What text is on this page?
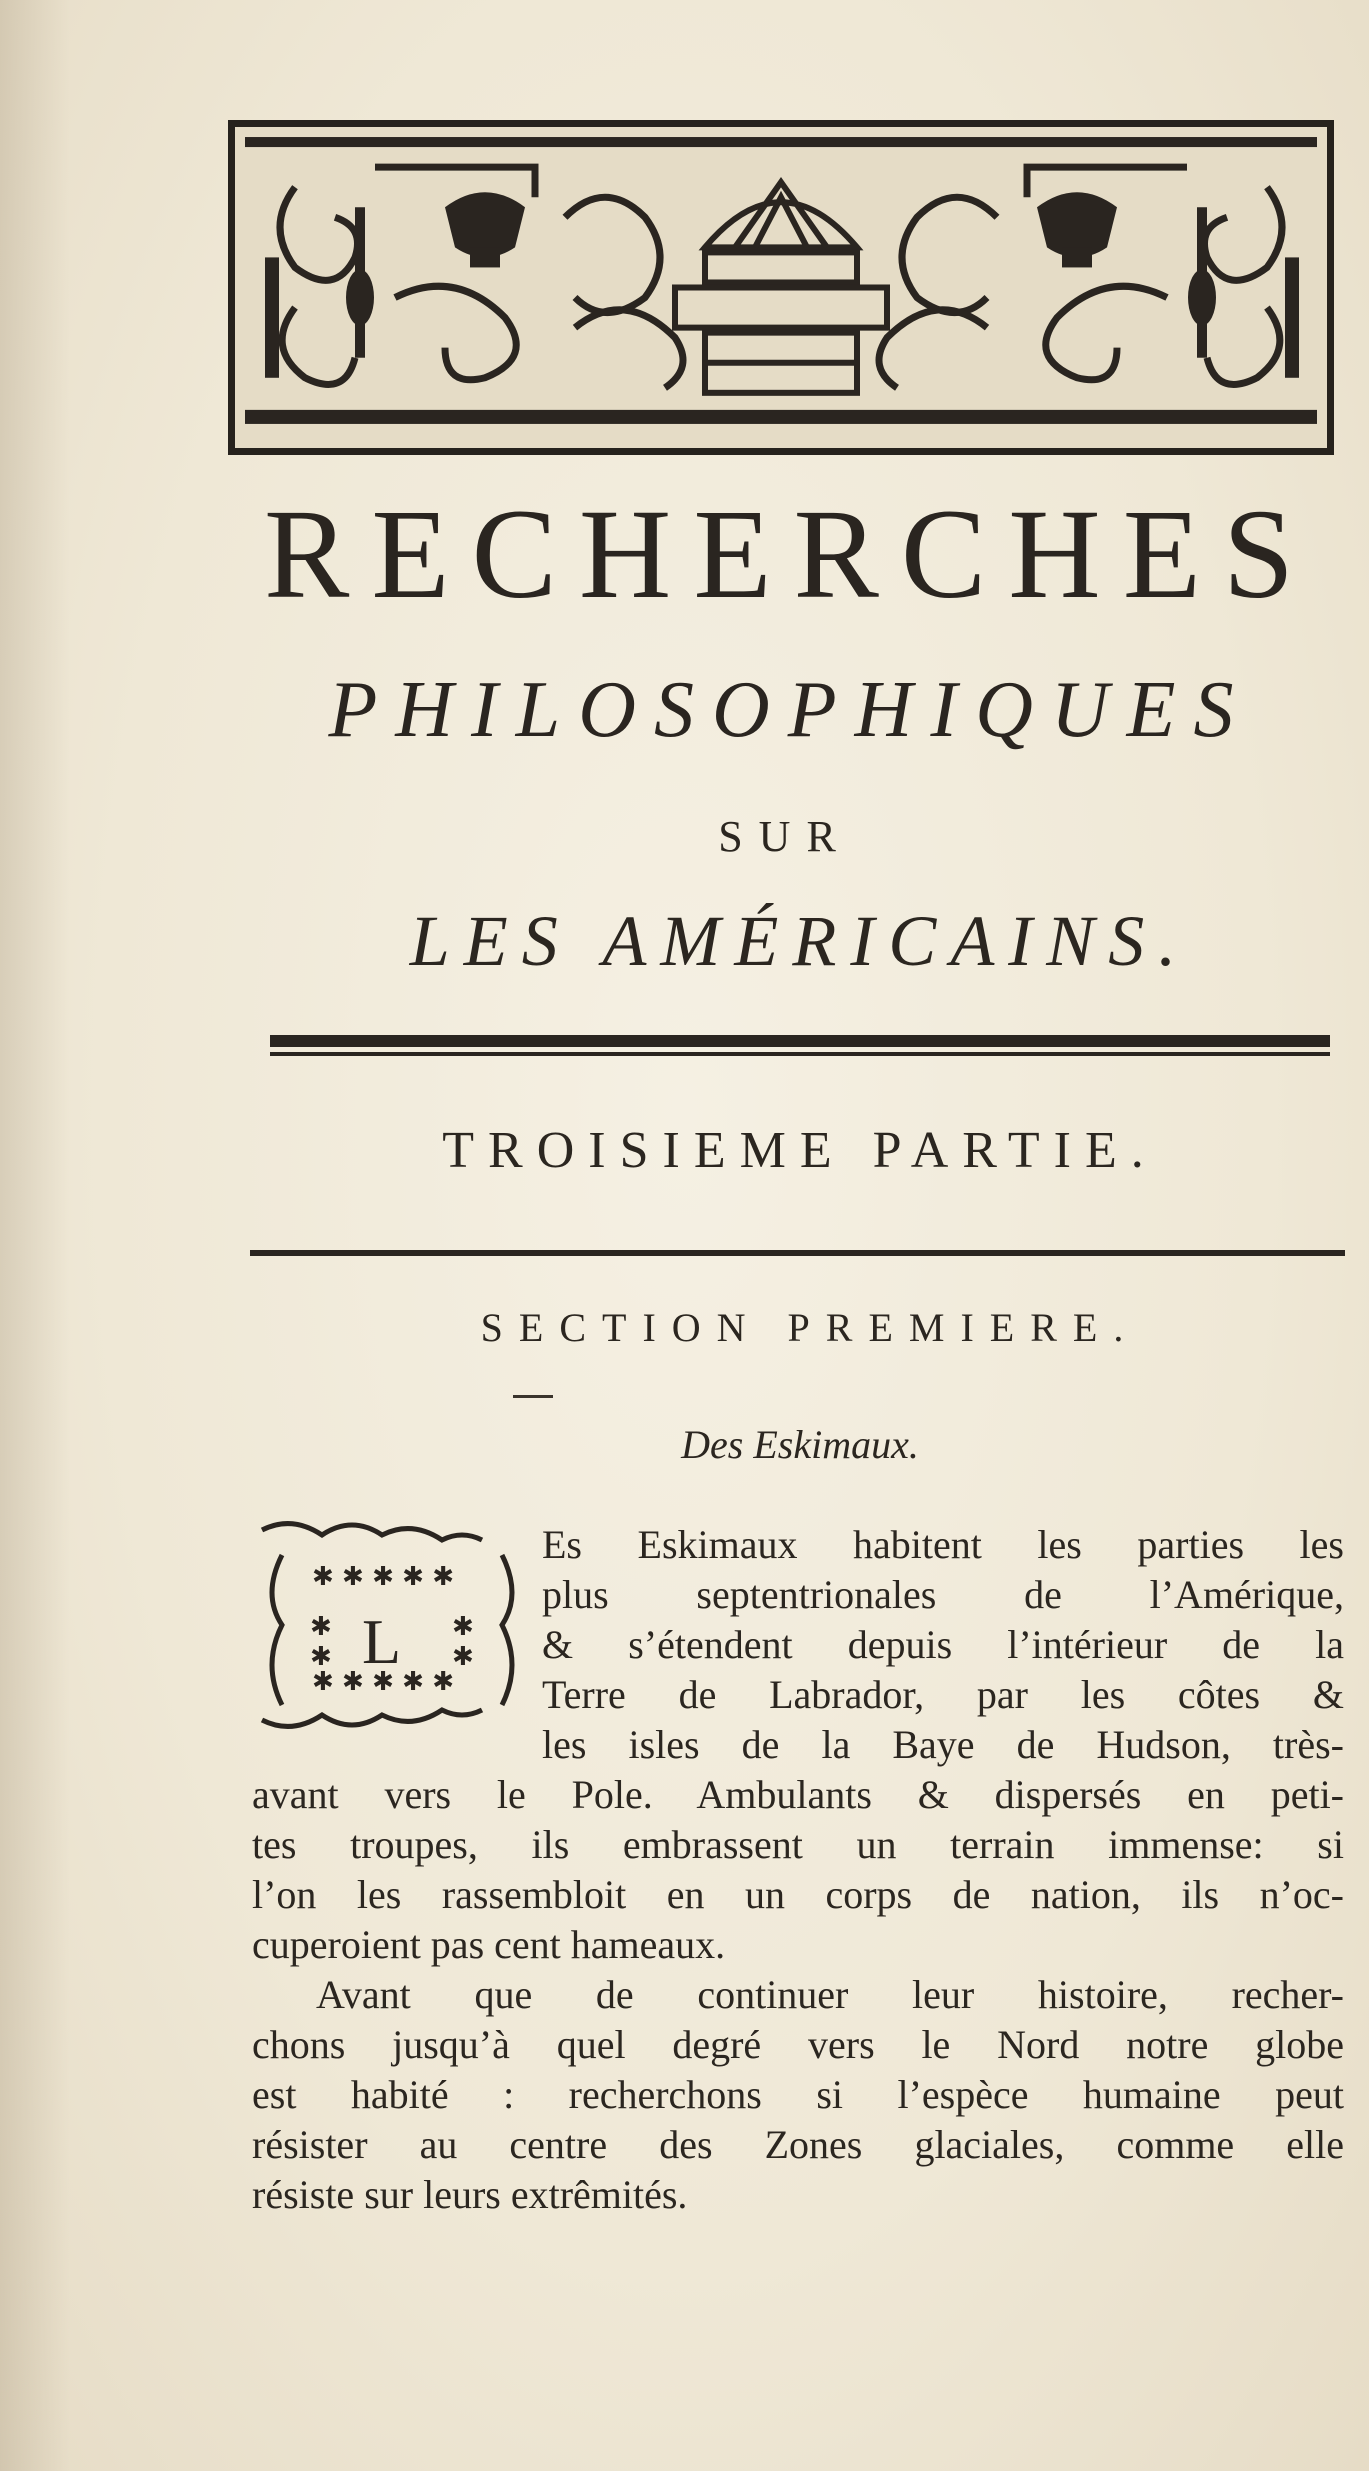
RECHERCHES
PHILOSOPHIQUES
SUR
LES AMÉRICAINS.
TROISIEME PARTIE.
SECTION PREMIERE.
Des Eskimaux.
✱ ✱ ✱ ✱ ✱
✱ ✱ ✱ ✱ ✱
✱
✱
✱
✱
L
Es Eskimaux habitent les parties les
plus septentrionales de l’Amérique,
& s’étendent depuis l’intérieur de la
Terre de Labrador, par les côtes &
les isles de la Baye de Hudson, très-
avant vers le Pole. Ambulants & dispersés en peti-
tes troupes, ils embrassent un terrain immense: si
l’on les rassembloit en un corps de nation, ils n’oc-
cuperoient pas cent hameaux.
Avant que de continuer leur histoire, recher-
chons jusqu’à quel degré vers le Nord notre globe
est habité : recherchons si l’espèce humaine peut
résister au centre des Zones glaciales, comme elle
résiste sur leurs extrêmités.
